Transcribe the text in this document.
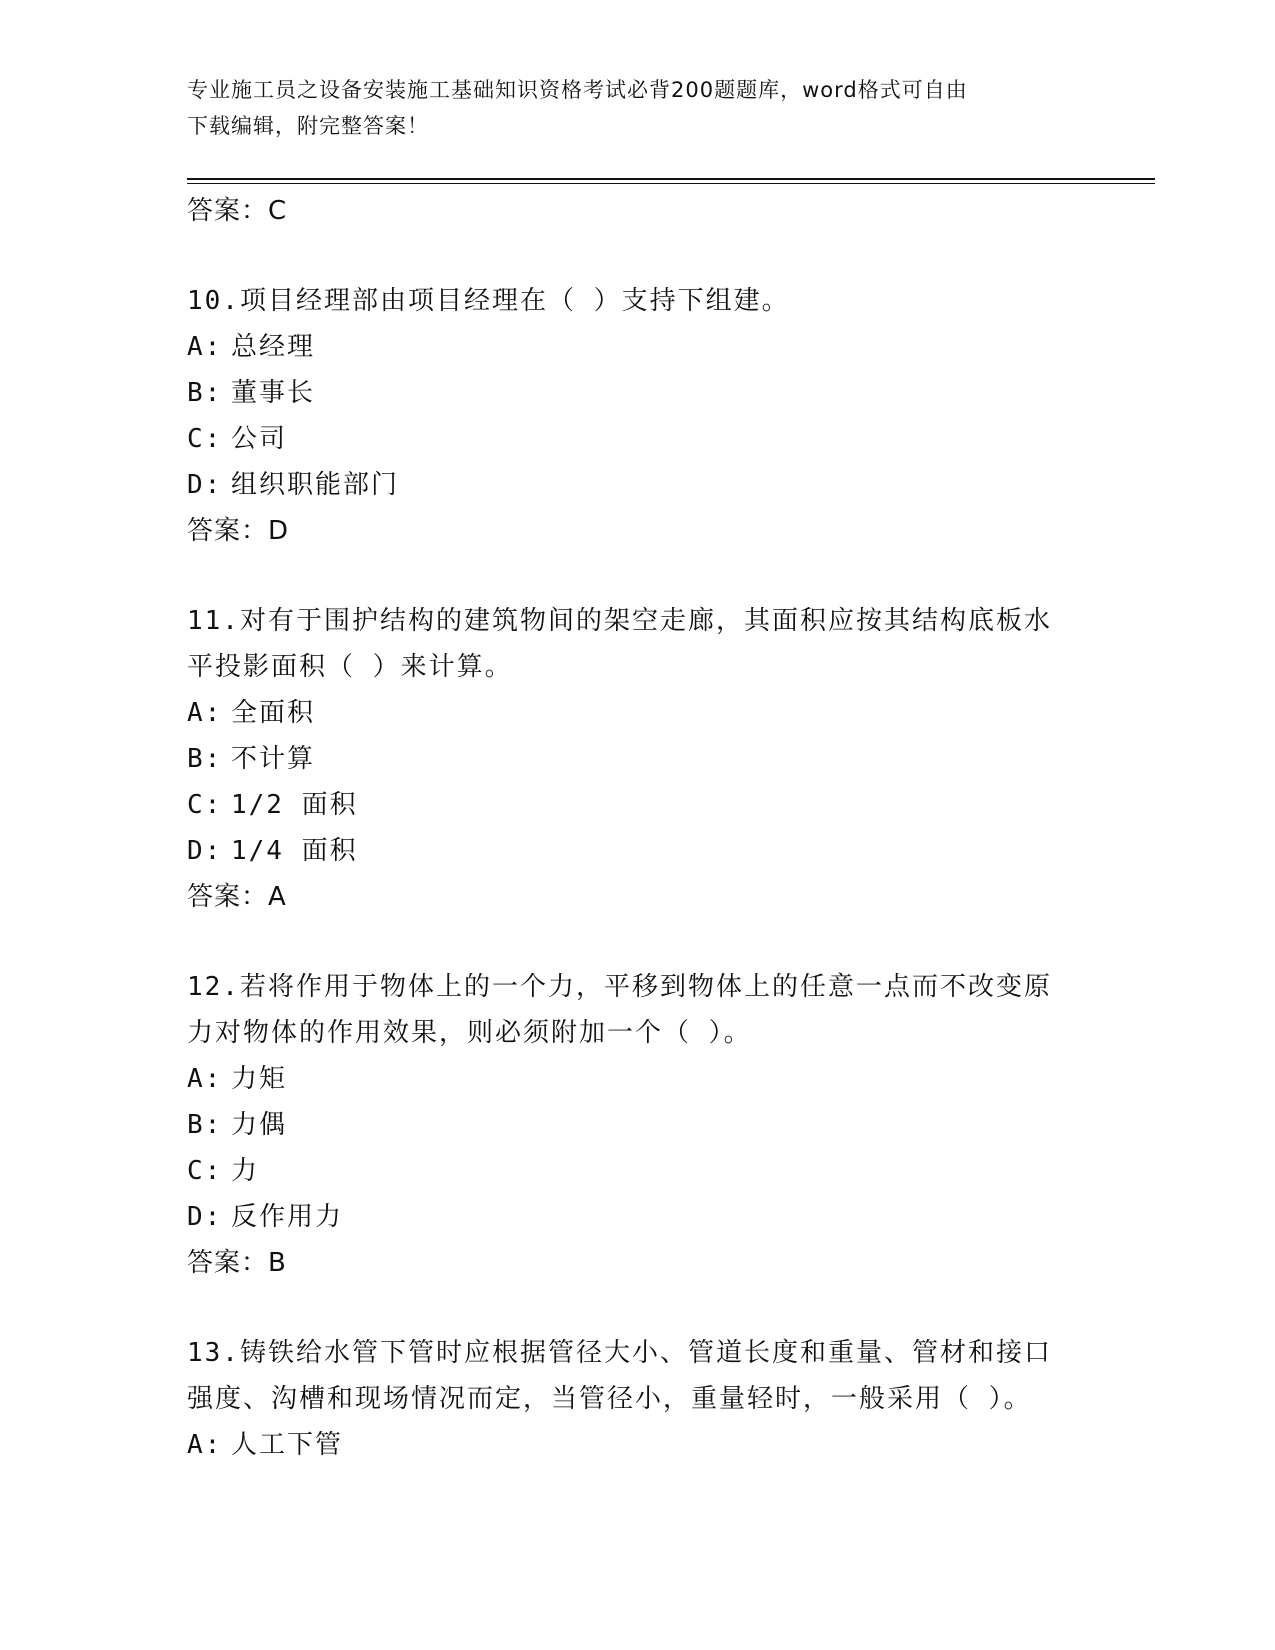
专业施工员之设备安装施工基础知识资格考试必背200题题库，word格式可自由
下载编辑，附完整答案！
答案：C
10.项目经理部由项目经理在（ ）支持下组建。
A: 总经理
B: 董事长
C: 公司
D: 组织职能部门
答案：D
11.对有于围护结构的建筑物间的架空走廊，其面积应按其结构底板水
平投影面积（ ）来计算。
A: 全面积
B: 不计算
C: 1/2 面积
D: 1/4 面积
答案：A
12.若将作用于物体上的一个力，平移到物体上的任意一点而不改变原
力对物体的作用效果，则必须附加一个（ ）。
A: 力矩
B: 力偶
C: 力
D: 反作用力
答案：B
13.铸铁给水管下管时应根据管径大小、管道长度和重量、管材和接口
强度、沟槽和现场情况而定，当管径小，重量轻时，一般采用（ ）。
A: 人工下管
